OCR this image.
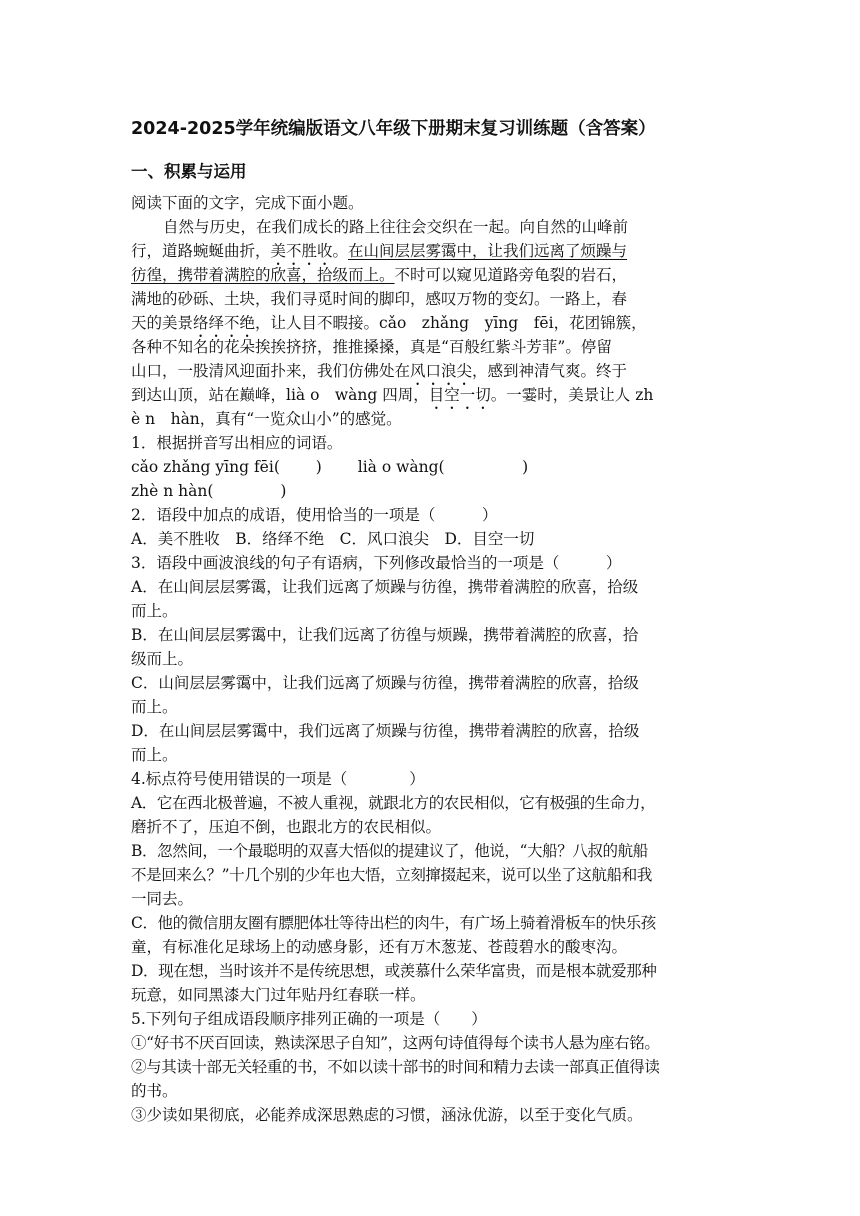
2024-2025学年统编版语文八年级下册期末复习训练题（含答案）
一、积累与运用
阅读下面的文字，完成下面小题。
自然与历史，在我们成长的路上往往会交织在一起。向自然的山峰前
行，道路蜿蜒曲折，美不胜收。在山间层层雾霭中，让我们远离了烦躁与
彷徨，携带着满腔的欣喜，拾级而上。不时可以窥见道路旁龟裂的岩石，
满地的砂砾、土块，我们寻觅时间的脚印，感叹万物的变幻。一路上，春
天的美景络绎不绝，让人目不暇接。cǎo　zhǎng　yīng　fēi，花团锦簇，
各种不知名的花朵挨挨挤挤，推推搡搡，真是“百般红紫斗芳菲”。停留
山口，一股清风迎面扑来，我们仿佛处在风口浪尖，感到神清气爽。终于
到达山顶，站在巅峰，lià o　wàng 四周，目空一切。一霎时，美景让人 zh
è n　hàn，真有“一览众山小”的感觉。
1．根据拼音写出相应的词语。
cǎo zhǎng yīng fēi(　　 )　　 lià o wàng(　　　　　)
zhè n hàn(　　　　 )
2．语段中加点的成语，使用恰当的一项是（　　　）
A．美不胜收　B．络绎不绝　C．风口浪尖　D．目空一切
3．语段中画波浪线的句子有语病，下列修改最恰当的一项是（　　　）
A．在山间层层雾霭，让我们远离了烦躁与彷徨，携带着满腔的欣喜，拾级
而上。
B．在山间层层雾霭中，让我们远离了彷徨与烦躁，携带着满腔的欣喜，拾
级而上。
C．山间层层雾霭中，让我们远离了烦躁与彷徨，携带着满腔的欣喜，拾级
而上。
D．在山间层层雾霭中，我们远离了烦躁与彷徨，携带着满腔的欣喜，拾级
而上。
4.标点符号使用错误的一项是（　　　　）
A．它在西北极普遍，不被人重视，就跟北方的农民相似，它有极强的生命力，
磨折不了，压迫不倒，也跟北方的农民相似。
B．忽然间，一个最聪明的双喜大悟似的提建议了，他说，“大船？八叔的航船
不是回来么？”十几个别的少年也大悟，立刻撺掇起来，说可以坐了这航船和我
一同去。
C．他的微信朋友圈有膘肥体壮等待出栏的肉牛，有广场上骑着滑板车的快乐孩
童，有标准化足球场上的动感身影，还有万木葱茏、苍葭碧水的酸枣沟。
D．现在想，当时该并不是传统思想，或羡慕什么荣华富贵，而是根本就爱那种
玩意，如同黑漆大门过年贴丹红春联一样。
5.下列句子组成语段顺序排列正确的一项是（　　）
①“好书不厌百回读，熟读深思子自知”，这两句诗值得每个读书人悬为座右铭。
②与其读十部无关轻重的书，不如以读十部书的时间和精力去读一部真正值得读
的书。
③少读如果彻底，必能养成深思熟虑的习惯，涵泳优游，以至于变化气质。
